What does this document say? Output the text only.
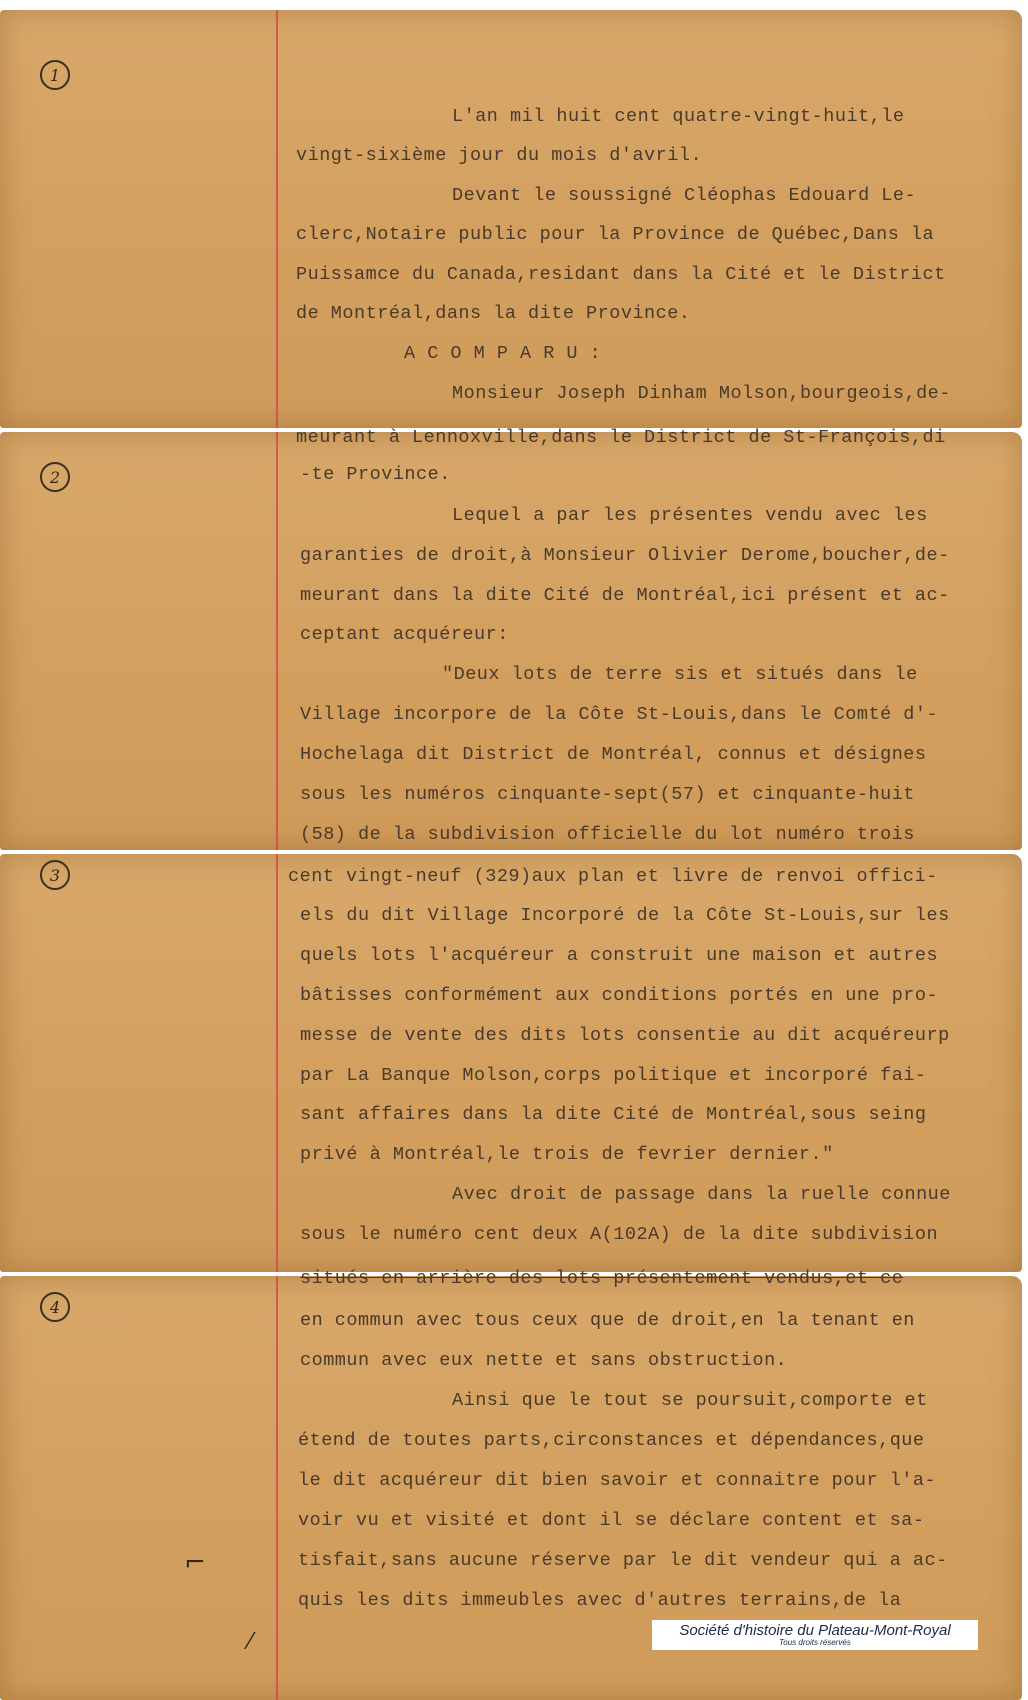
1
2
3
4
L'an mil huit cent quatre-vingt-huit,le
vingt-sixième jour du mois d'avril.
Devant le soussigné Cléophas Edouard Le-
clerc,Notaire public pour la Province de Québec,Dans la
Puissamce du Canada,residant dans la Cité et le District
de Montréal,dans la dite Province.
A C O M P A R U :
Monsieur Joseph Dinham Molson,bourgeois,de-
meurant à Lennoxville,dans le District de St-François,di
-te Province.
Lequel a par les présentes vendu avec les
garanties de droit,à Monsieur Olivier Derome,boucher,de-
meurant dans la dite Cité de Montréal,ici présent et ac-
ceptant acquéreur:
"Deux lots de terre sis et situés dans le
Village incorpore de la Côte St-Louis,dans le Comté d'-
Hochelaga dit District de Montréal, connus et désignes
sous les numéros cinquante-sept(57) et cinquante-huit
(58) de la subdivision officielle du lot numéro trois
cent vingt-neuf (329)aux plan et livre de renvoi offici-
els du dit Village Incorporé de la Côte St-Louis,sur les
quels lots l'acquéreur a construit une maison et autres
bâtisses conformément aux conditions portés en une pro-
messe de vente des dits lots consentie au dit acquéreurp
par La Banque Molson,corps politique et incorporé fai-
sant affaires dans la dite Cité de Montréal,sous seing
privé à Montréal,le trois de fevrier dernier."
Avec droit de passage dans la ruelle connue
sous le numéro cent deux A(102A) de la dite subdivision
situés en arrière des lots présentement vendus,et ce
en commun avec tous ceux que de droit,en la tenant en
commun avec eux nette et sans obstruction.
Ainsi que le tout se poursuit,comporte et
étend de toutes parts,circonstances et dépendances,que
le dit acquéreur dit bien savoir et connaitre pour l'a-
voir vu et visité et dont il se déclare content et sa-
tisfait,sans aucune réserve par le dit vendeur qui a ac-
quis les dits immeubles avec d'autres terrains,de la
⌐
⁄	Société d'histoire du Plateau-Mont-Royal
Tous droits réservés
